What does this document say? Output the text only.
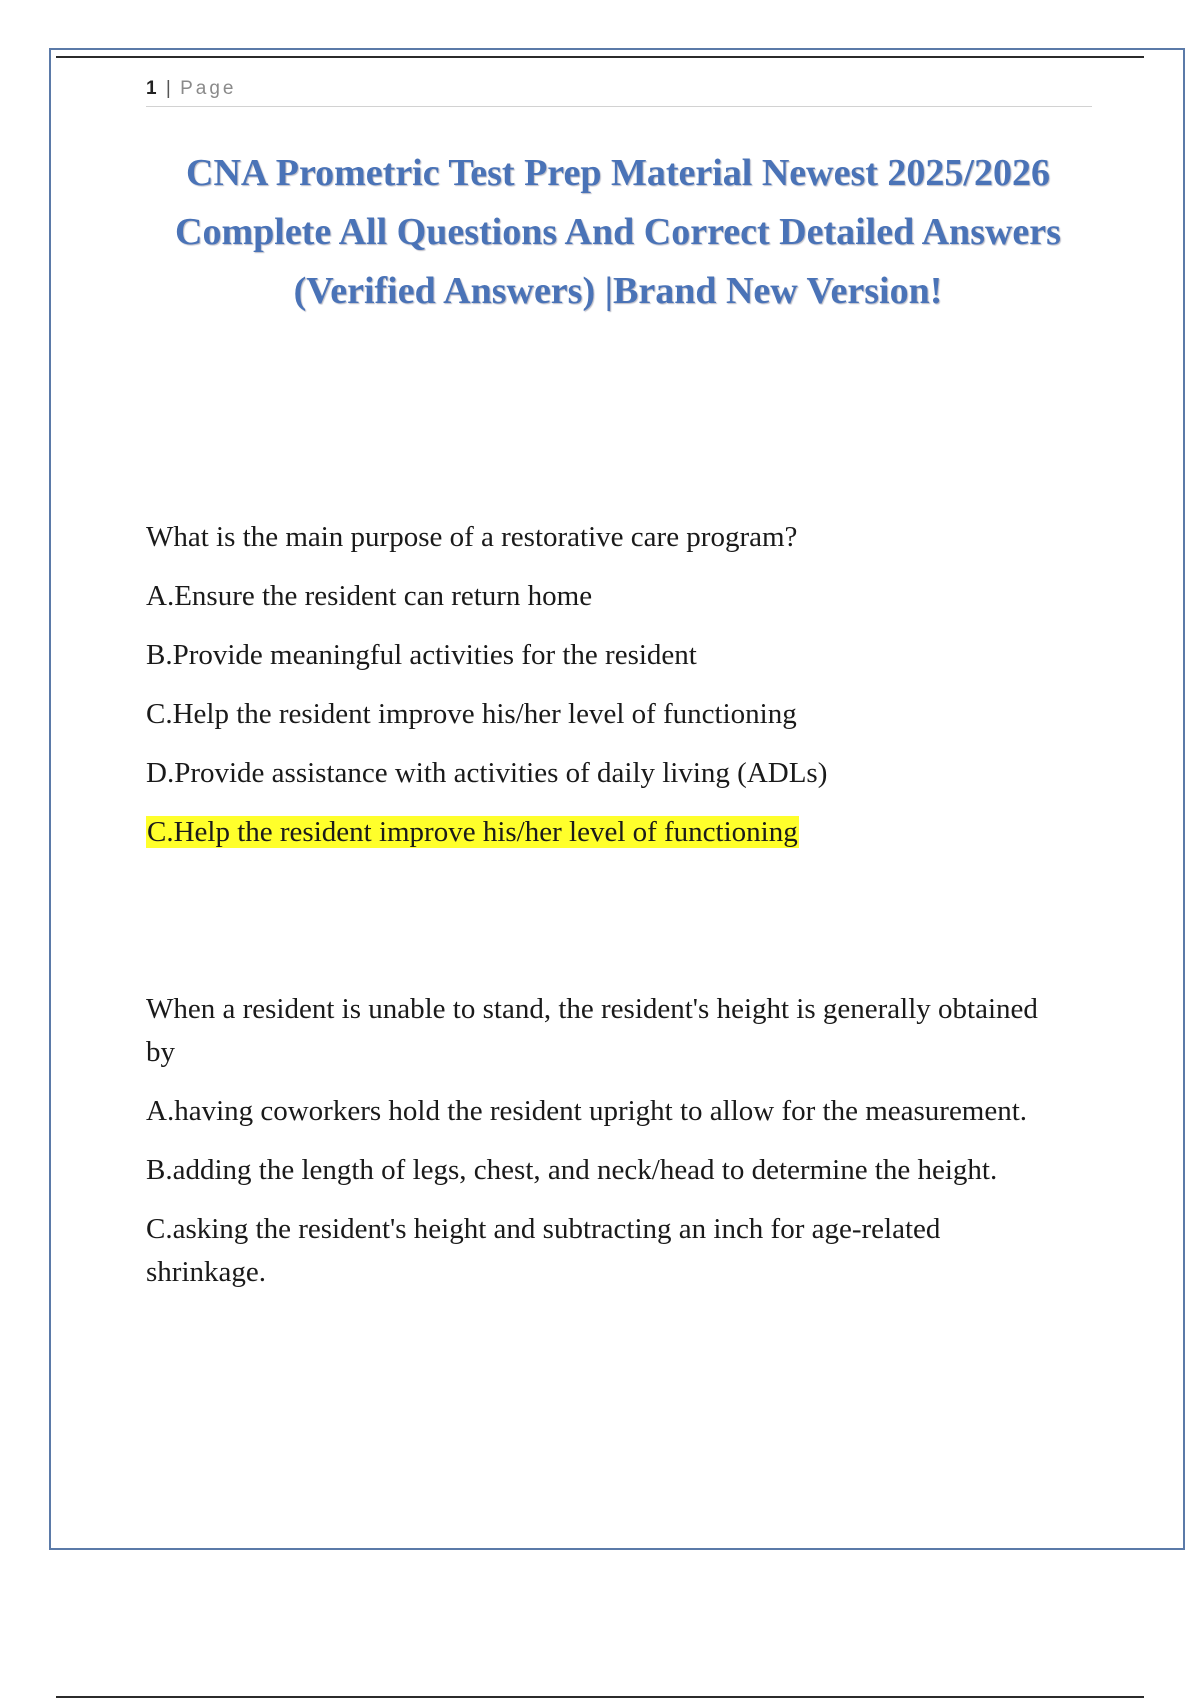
1 | Page
CNA Prometric Test Prep Material Newest 2025/2026
Complete All Questions And Correct Detailed Answers
(Verified Answers) |Brand New Version!
What is the main purpose of a restorative care program?
A.Ensure the resident can return home
B.Provide meaningful activities for the resident
C.Help the resident improve his/her level of functioning
D.Provide assistance with activities of daily living (ADLs)
C.Help the resident improve his/her level of functioning
When a resident is unable to stand, the resident's height is generally obtained by
A.having coworkers hold the resident upright to allow for the measurement.
B.adding the length of legs, chest, and neck/head to determine the height.
C.asking the resident's height and subtracting an inch for age-related shrinkage.
